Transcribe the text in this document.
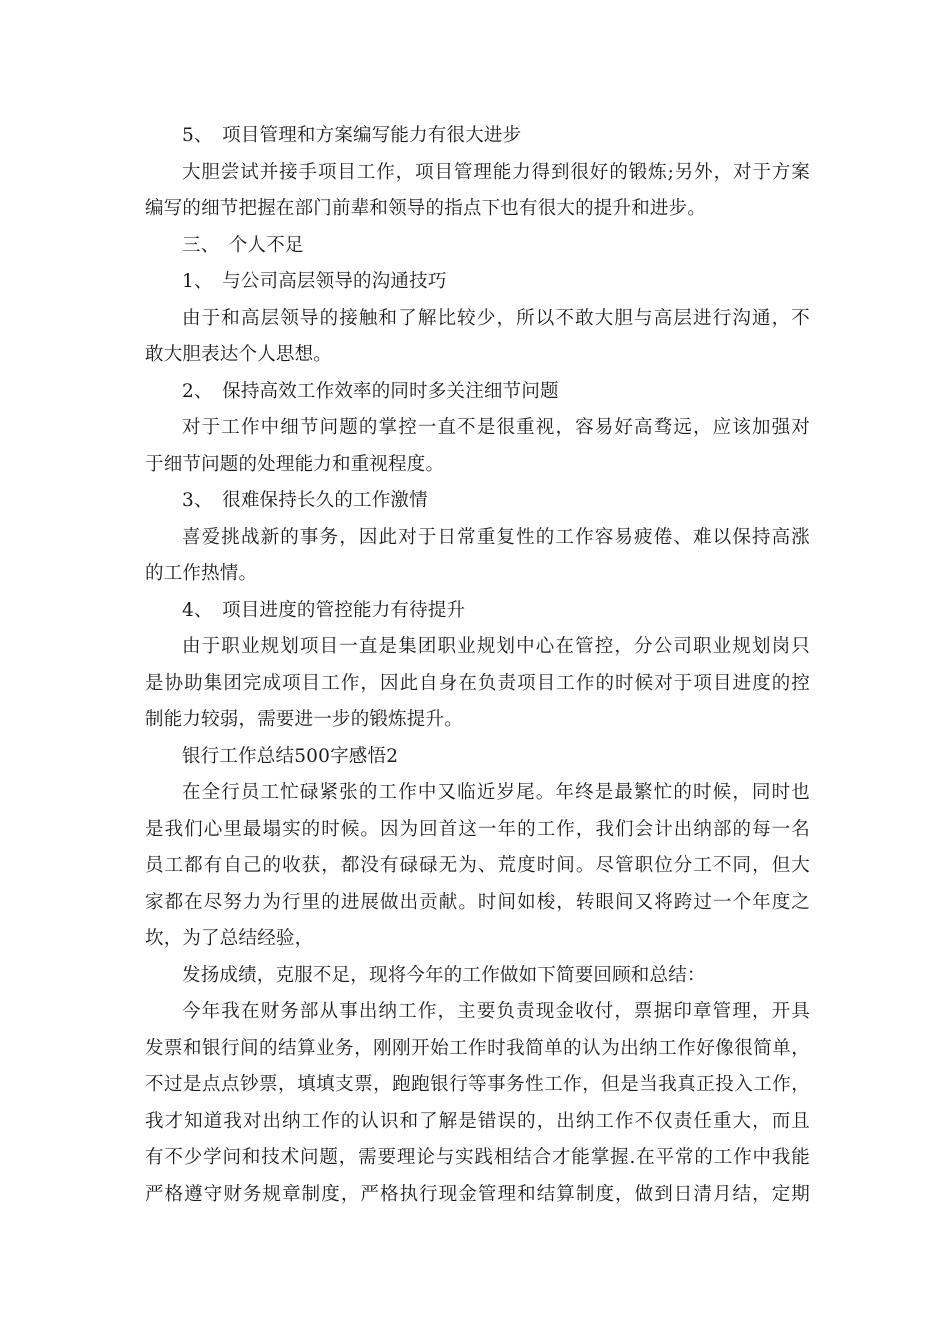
5、　项目管理和方案编写能力有很大进步
大胆尝试并接手项目工作，项目管理能力得到很好的锻炼;另外，对于方案
编写的细节把握在部门前辈和领导的指点下也有很大的提升和进步。
三、　个人不足
1、　与公司高层领导的沟通技巧
由于和高层领导的接触和了解比较少，所以不敢大胆与高层进行沟通，不
敢大胆表达个人思想。
2、　保持高效工作效率的同时多关注细节问题
对于工作中细节问题的掌控一直不是很重视，容易好高骛远，应该加强对
于细节问题的处理能力和重视程度。
3、　很难保持长久的工作激情
喜爱挑战新的事务，因此对于日常重复性的工作容易疲倦、难以保持高涨
的工作热情。
4、　项目进度的管控能力有待提升
由于职业规划项目一直是集团职业规划中心在管控，分公司职业规划岗只
是协助集团完成项目工作，因此自身在负责项目工作的时候对于项目进度的控
制能力较弱，需要进一步的锻炼提升。
银行工作总结500字感悟2
在全行员工忙碌紧张的工作中又临近岁尾。年终是最繁忙的时候，同时也
是我们心里最塌实的时候。因为回首这一年的工作，我们会计出纳部的每一名
员工都有自己的收获，都没有碌碌无为、荒度时间。尽管职位分工不同，但大
家都在尽努力为行里的进展做出贡献。时间如梭，转眼间又将跨过一个年度之
坎，为了总结经验，
发扬成绩，克服不足，现将今年的工作做如下简要回顾和总结：
今年我在财务部从事出纳工作，主要负责现金收付，票据印章管理，开具
发票和银行间的结算业务，刚刚开始工作时我简单的认为出纳工作好像很简单，
不过是点点钞票，填填支票，跑跑银行等事务性工作，但是当我真正投入工作，
我才知道我对出纳工作的认识和了解是错误的，出纳工作不仅责任重大，而且
有不少学问和技术问题，需要理论与实践相结合才能掌握.在平常的工作中我能
严格遵守财务规章制度，严格执行现金管理和结算制度，做到日清月结，定期
